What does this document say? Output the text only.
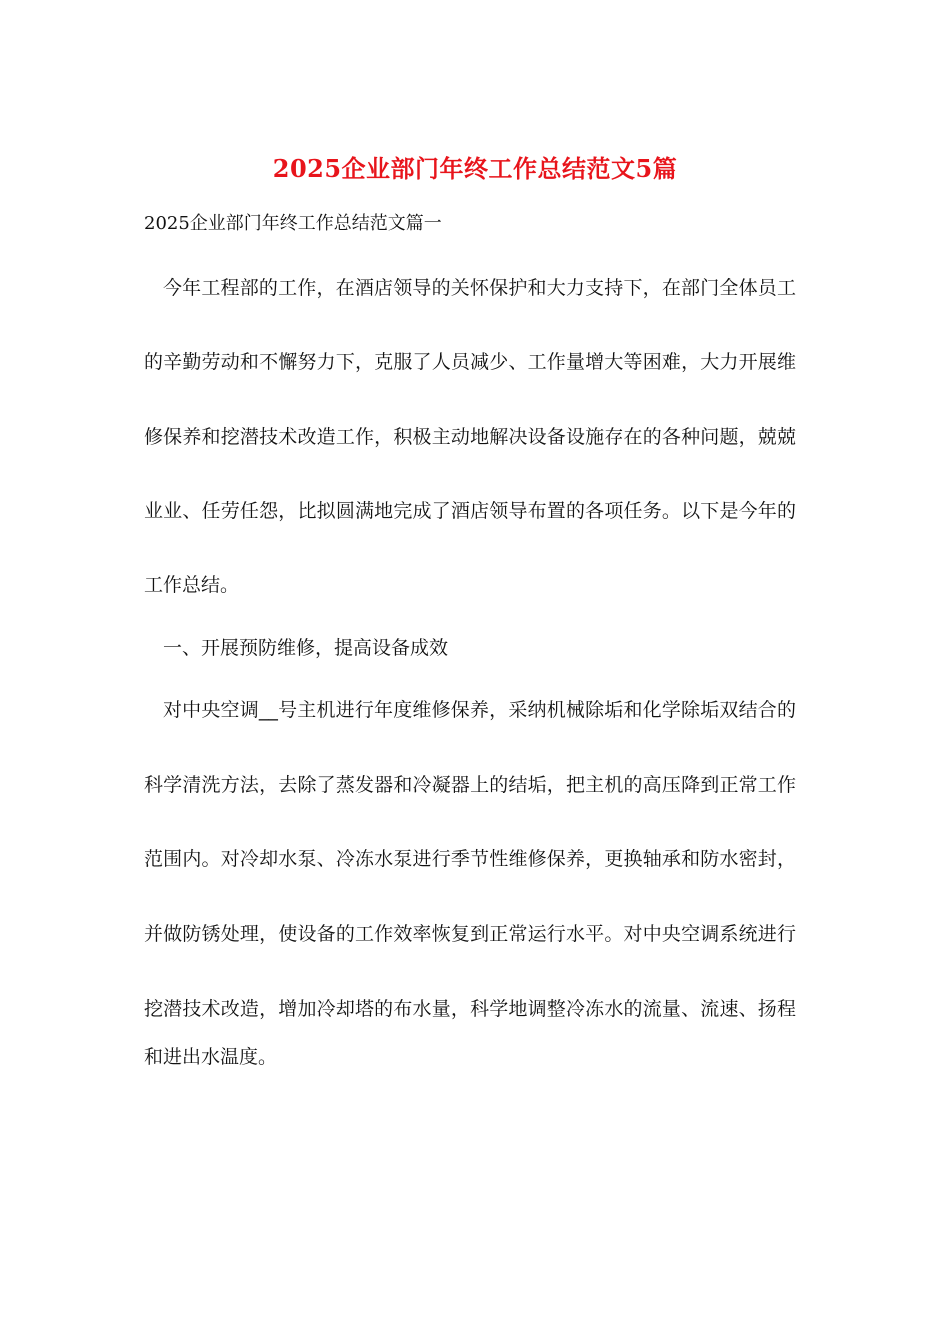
2025企业部门年终工作总结范文5篇
2025企业部门年终工作总结范文篇一
今年工程部的工作，在酒店领导的关怀保护和大力支持下，在部门全体员工
的辛勤劳动和不懈努力下，克服了人员减少、工作量增大等困难，大力开展维
修保养和挖潜技术改造工作，积极主动地解决设备设施存在的各种问题，兢兢
业业、任劳任怨，比拟圆满地完成了酒店领导布置的各项任务。以下是今年的
工作总结。
一、开展预防维修，提高设备成效
对中央空调__号主机进行年度维修保养，采纳机械除垢和化学除垢双结合的
科学清洗方法，去除了蒸发器和冷凝器上的结垢，把主机的高压降到正常工作
范围内。对冷却水泵、冷冻水泵进行季节性维修保养，更换轴承和防水密封，
并做防锈处理，使设备的工作效率恢复到正常运行水平。对中央空调系统进行
挖潜技术改造，增加冷却塔的布水量，科学地调整冷冻水的流量、流速、扬程
和进出水温度。
